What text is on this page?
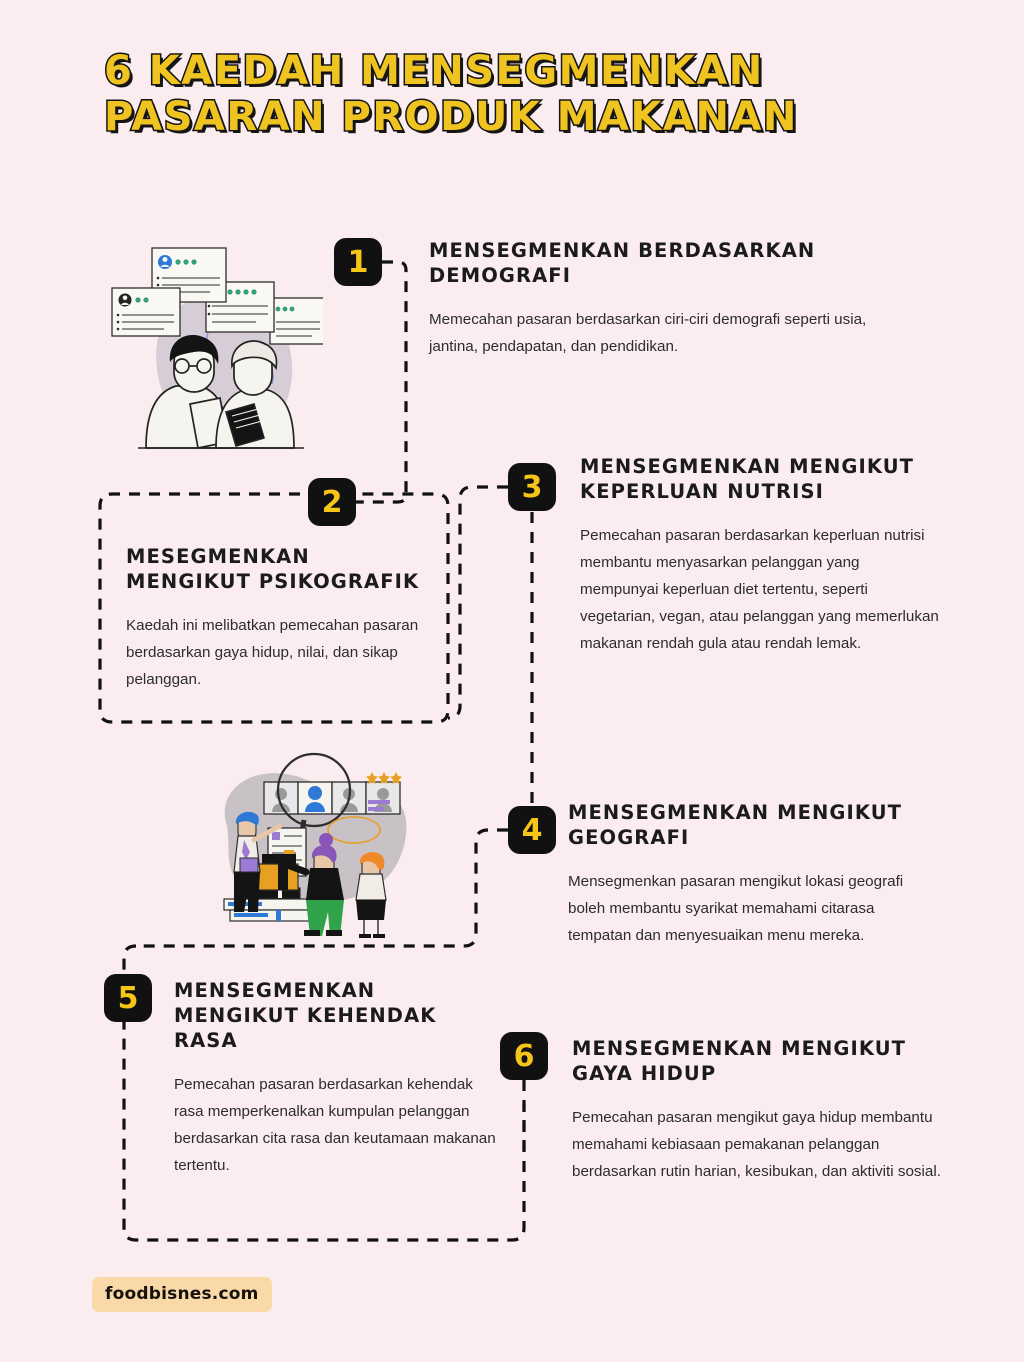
6 KAEDAH MENSEGMENKAN
PASARAN PRODUK MAKANAN
1
2	3
4
5
6
MENSEGMENKAN BERDASARKAN DEMOGRAFI

Memecahan pasaran berdasarkan ciri-ciri demografi seperti usia, jantina, pendapatan, dan pendidikan.

MESEGMENKAN MENGIKUT PSIKOGRAFIK

Kaedah ini melibatkan pemecahan pasaran berdasarkan gaya hidup, nilai, dan sikap pelanggan.

MENSEGMENKAN MENGIKUT KEPERLUAN NUTRISI

Pemecahan pasaran berdasarkan keperluan nutrisi membantu menyasarkan pelanggan yang mempunyai keperluan diet tertentu, seperti vegetarian, vegan, atau pelanggan yang memerlukan makanan rendah gula atau rendah lemak.

MENSEGMENKAN MENGIKUT GEOGRAFI

Mensegmenkan pasaran mengikut lokasi geografi boleh membantu syarikat memahami citarasa tempatan dan menyesuaikan menu mereka.

MENSEGMENKAN MENGIKUT KEHENDAK RASA

Pemecahan pasaran berdasarkan kehendak rasa memperkenalkan kumpulan pelanggan berdasarkan cita rasa dan keutamaan makanan tertentu.

MENSEGMENKAN MENGIKUT GAYA HIDUP

Pemecahan pasaran mengikut gaya hidup membantu memahami kebiasaan pemakanan pelanggan berdasarkan rutin harian, kesibukan, dan aktiviti sosial.

foodbisnes.com
